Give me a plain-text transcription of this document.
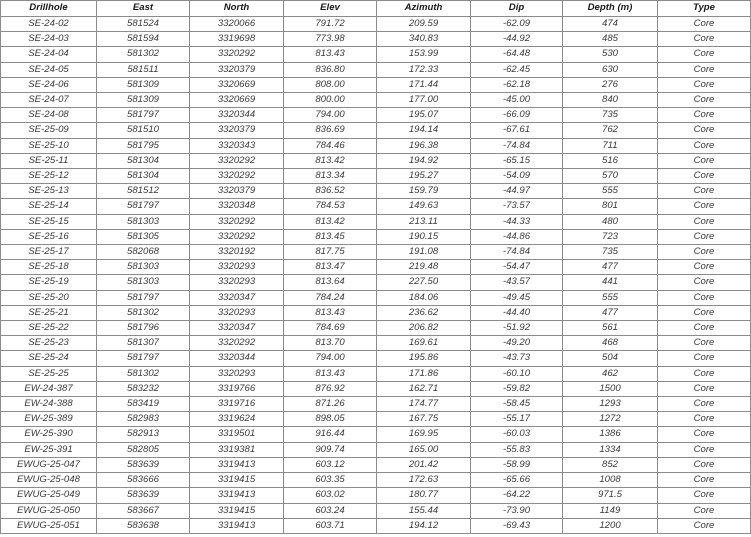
Drillhole	East	North	Elev	Azimuth	Dip	Depth (m)	Type
SE-24-02	581524	3320066	791.72	209.59	-62.09	474	Core
SE-24-03	581594	3319698	773.98	340.83	-44.92	485	Core
SE-24-04	581302	3320292	813.43	153.99	-64.48	530	Core
SE-24-05	581511	3320379	836.80	172.33	-62.45	630	Core
SE-24-06	581309	3320669	808.00	171.44	-62.18	276	Core
SE-24-07	581309	3320669	800.00	177.00	-45.00	840	Core
SE-24-08	581797	3320344	794.00	195.07	-66.09	735	Core
SE-25-09	581510	3320379	836.69	194.14	-67.61	762	Core
SE-25-10	581795	3320343	784.46	196.38	-74.84	711	Core
SE-25-11	581304	3320292	813.42	194.92	-65.15	516	Core
SE-25-12	581304	3320292	813.34	195.27	-54.09	570	Core
SE-25-13	581512	3320379	836.52	159.79	-44.97	555	Core
SE-25-14	581797	3320348	784.53	149.63	-73.57	801	Core
SE-25-15	581303	3320292	813.42	213.11	-44.33	480	Core
SE-25-16	581305	3320292	813.45	190.15	-44.86	723	Core
SE-25-17	582068	3320192	817.75	191.08	-74.84	735	Core
SE-25-18	581303	3320293	813.47	219.48	-54.47	477	Core
SE-25-19	581303	3320293	813.64	227.50	-43.57	441	Core
SE-25-20	581797	3320347	784.24	184.06	-49.45	555	Core
SE-25-21	581302	3320293	813.43	236.62	-44.40	477	Core
SE-25-22	581796	3320347	784.69	206.82	-51.92	561	Core
SE-25-23	581307	3320292	813.70	169.61	-49.20	468	Core
SE-25-24	581797	3320344	794.00	195.86	-43.73	504	Core
SE-25-25	581302	3320293	813.43	171.86	-60.10	462	Core
EW-24-387	583232	3319766	876.92	162.71	-59.82	1500	Core
EW-24-388	583419	3319716	871.26	174.77	-58.45	1293	Core
EW-25-389	582983	3319624	898.05	167.75	-55.17	1272	Core
EW-25-390	582913	3319501	916.44	169.95	-60.03	1386	Core
EW-25-391	582805	3319381	909.74	165.00	-55.83	1334	Core
EWUG-25-047	583639	3319413	603.12	201.42	-58.99	852	Core
EWUG-25-048	583666	3319415	603.35	172.63	-65.66	1008	Core
EWUG-25-049	583639	3319413	603.02	180.77	-64.22	971.5	Core
EWUG-25-050	583667	3319415	603.24	155.44	-73.90	1149	Core
EWUG-25-051	583638	3319413	603.71	194.12	-69.43	1200	Core
